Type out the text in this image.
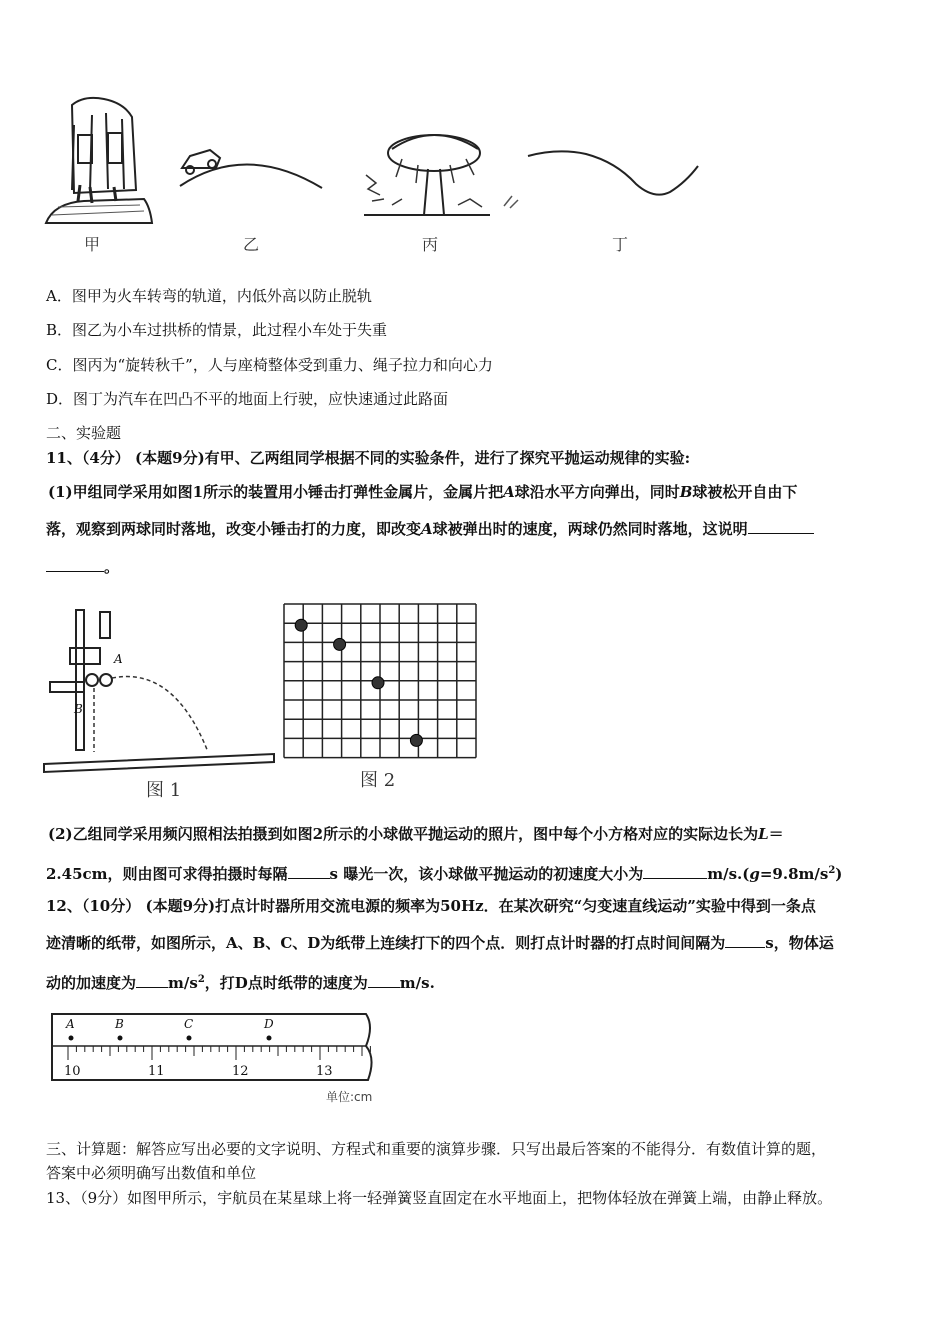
甲	乙	丙	丁
A．图甲为火车转弯的轨道，内低外高以防止脱轨
B．图乙为小车过拱桥的情景，此过程小车处于失重
C．图丙为“旋转秋千”，人与座椅整体受到重力、绳子拉力和向心力
D．图丁为汽车在凹凸不平的地面上行驶，应快速通过此路面
二、实验题
11、（4分） (本题9分)有甲、乙两组同学根据不同的实验条件，进行了探究平抛运动规律的实验:
(1)甲组同学采用如图1所示的装置用小锤击打弹性金属片，金属片把A球沿水平方向弹出，同时B球被松开自由下
落，观察到两球同时落地，改变小锤击打的力度，即改变A球被弹出时的速度，两球仍然同时落地，这说明
。
A
B
图 1	图 2
(2)乙组同学采用频闪照相法拍摄到如图2所示的小球做平抛运动的照片，图中每个小方格对应的实际边长为L＝
2.45cm，则由图可求得拍摄时每隔	s 曝光一次，该小球做平抛运动的初速度大小为	$m/s.(g=9.8m/s^2)$
12、（10分） (本题9分)打点计时器所用交流电源的频率为50Hz．在某次研究“匀变速直线运动”实验中得到一条点
迹清晰的纸带，如图所示，A、B、C、D为纸带上连续打下的四个点．则打点计时器的打点时间间隔为	s，物体运
动的加速度为 $m/s^2$，打D点时纸带的速度为 m/s.
A	B	C	D
10	11	12	13
单位:cm
三、计算题：解答应写出必要的文字说明、方程式和重要的演算步骤．只写出最后答案的不能得分．有数值计算的题，
答案中必须明确写出数值和单位
13、（9分）如图甲所示，宇航员在某星球上将一轻弹簧竖直固定在水平地面上，把物体轻放在弹簧上端，由静止释放。
